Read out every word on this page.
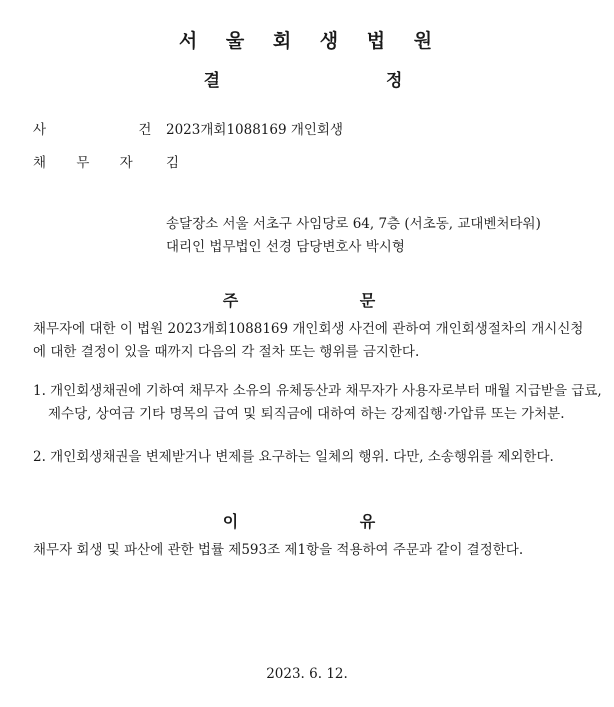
서 울 회 생 법 원
결 정
사 건
2023개회1088169 개인회생
채 무 자 김
송달장소 서울 서초구 사임당로 64, 7층 (서초동, 교대벤처타워)
대리인 법무법인 선경 담당변호사 박시형
주 문
채무자에 대한 이 법원 2023개회1088169 개인회생 사건에 관하여 개인회생절차의 개시신청에 대한 결정이 있을 때까지 다음의 각 절차 또는 행위를 금지한다.
1. 개인회생채권에 기하여 채무자 소유의 유체동산과 채무자가 사용자로부터 매월 지급받을 급료, 제수당, 상여금 기타 명목의 급여 및 퇴직금에 대하여 하는 강제집행·가압류 또는 가처분.
2. 개인회생채권을 변제받거나 변제를 요구하는 일체의 행위. 다만, 소송행위를 제외한다.
이 유
채무자 회생 및 파산에 관한 법률 제593조 제1항을 적용하여 주문과 같이 결정한다.
2023. 6. 12.
